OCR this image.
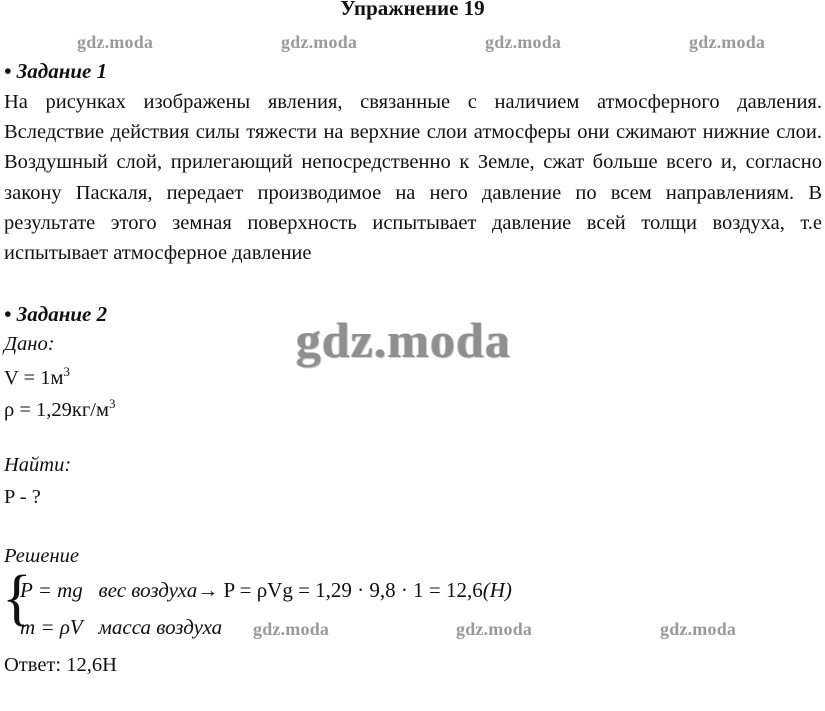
Упражнение 19
gdz.moda	gdz.moda	gdz.moda	gdz.moda
• Задание 1
На рисунках изображены явления, связанные с наличием атмосферного давления. Вследствие действия силы тяжести на верхние слои атмосферы они сжимают нижние слои. Воздушный слой, прилегающий непосредственно к Земле, сжат больше всего и, согласно закону Паскаля, передает производимое на него давление по всем направлениям. В результате этого земная поверхность испытывает давление всей толщи воздуха, т.е испытывает атмосферное давление
• Задание 2	gdz.moda
Дано:
$V = 1м^3$
$\rho = 1,29кг/м^3$
Найти:
P - ?
Решение
{
P = mg вес воздуха→ P = ρVg = 1,29 · 9,8 · 1 = 12,6(H)
m = ρV масса воздуха gdz.moda	gdz.moda	gdz.moda
Ответ: 12,6Н
